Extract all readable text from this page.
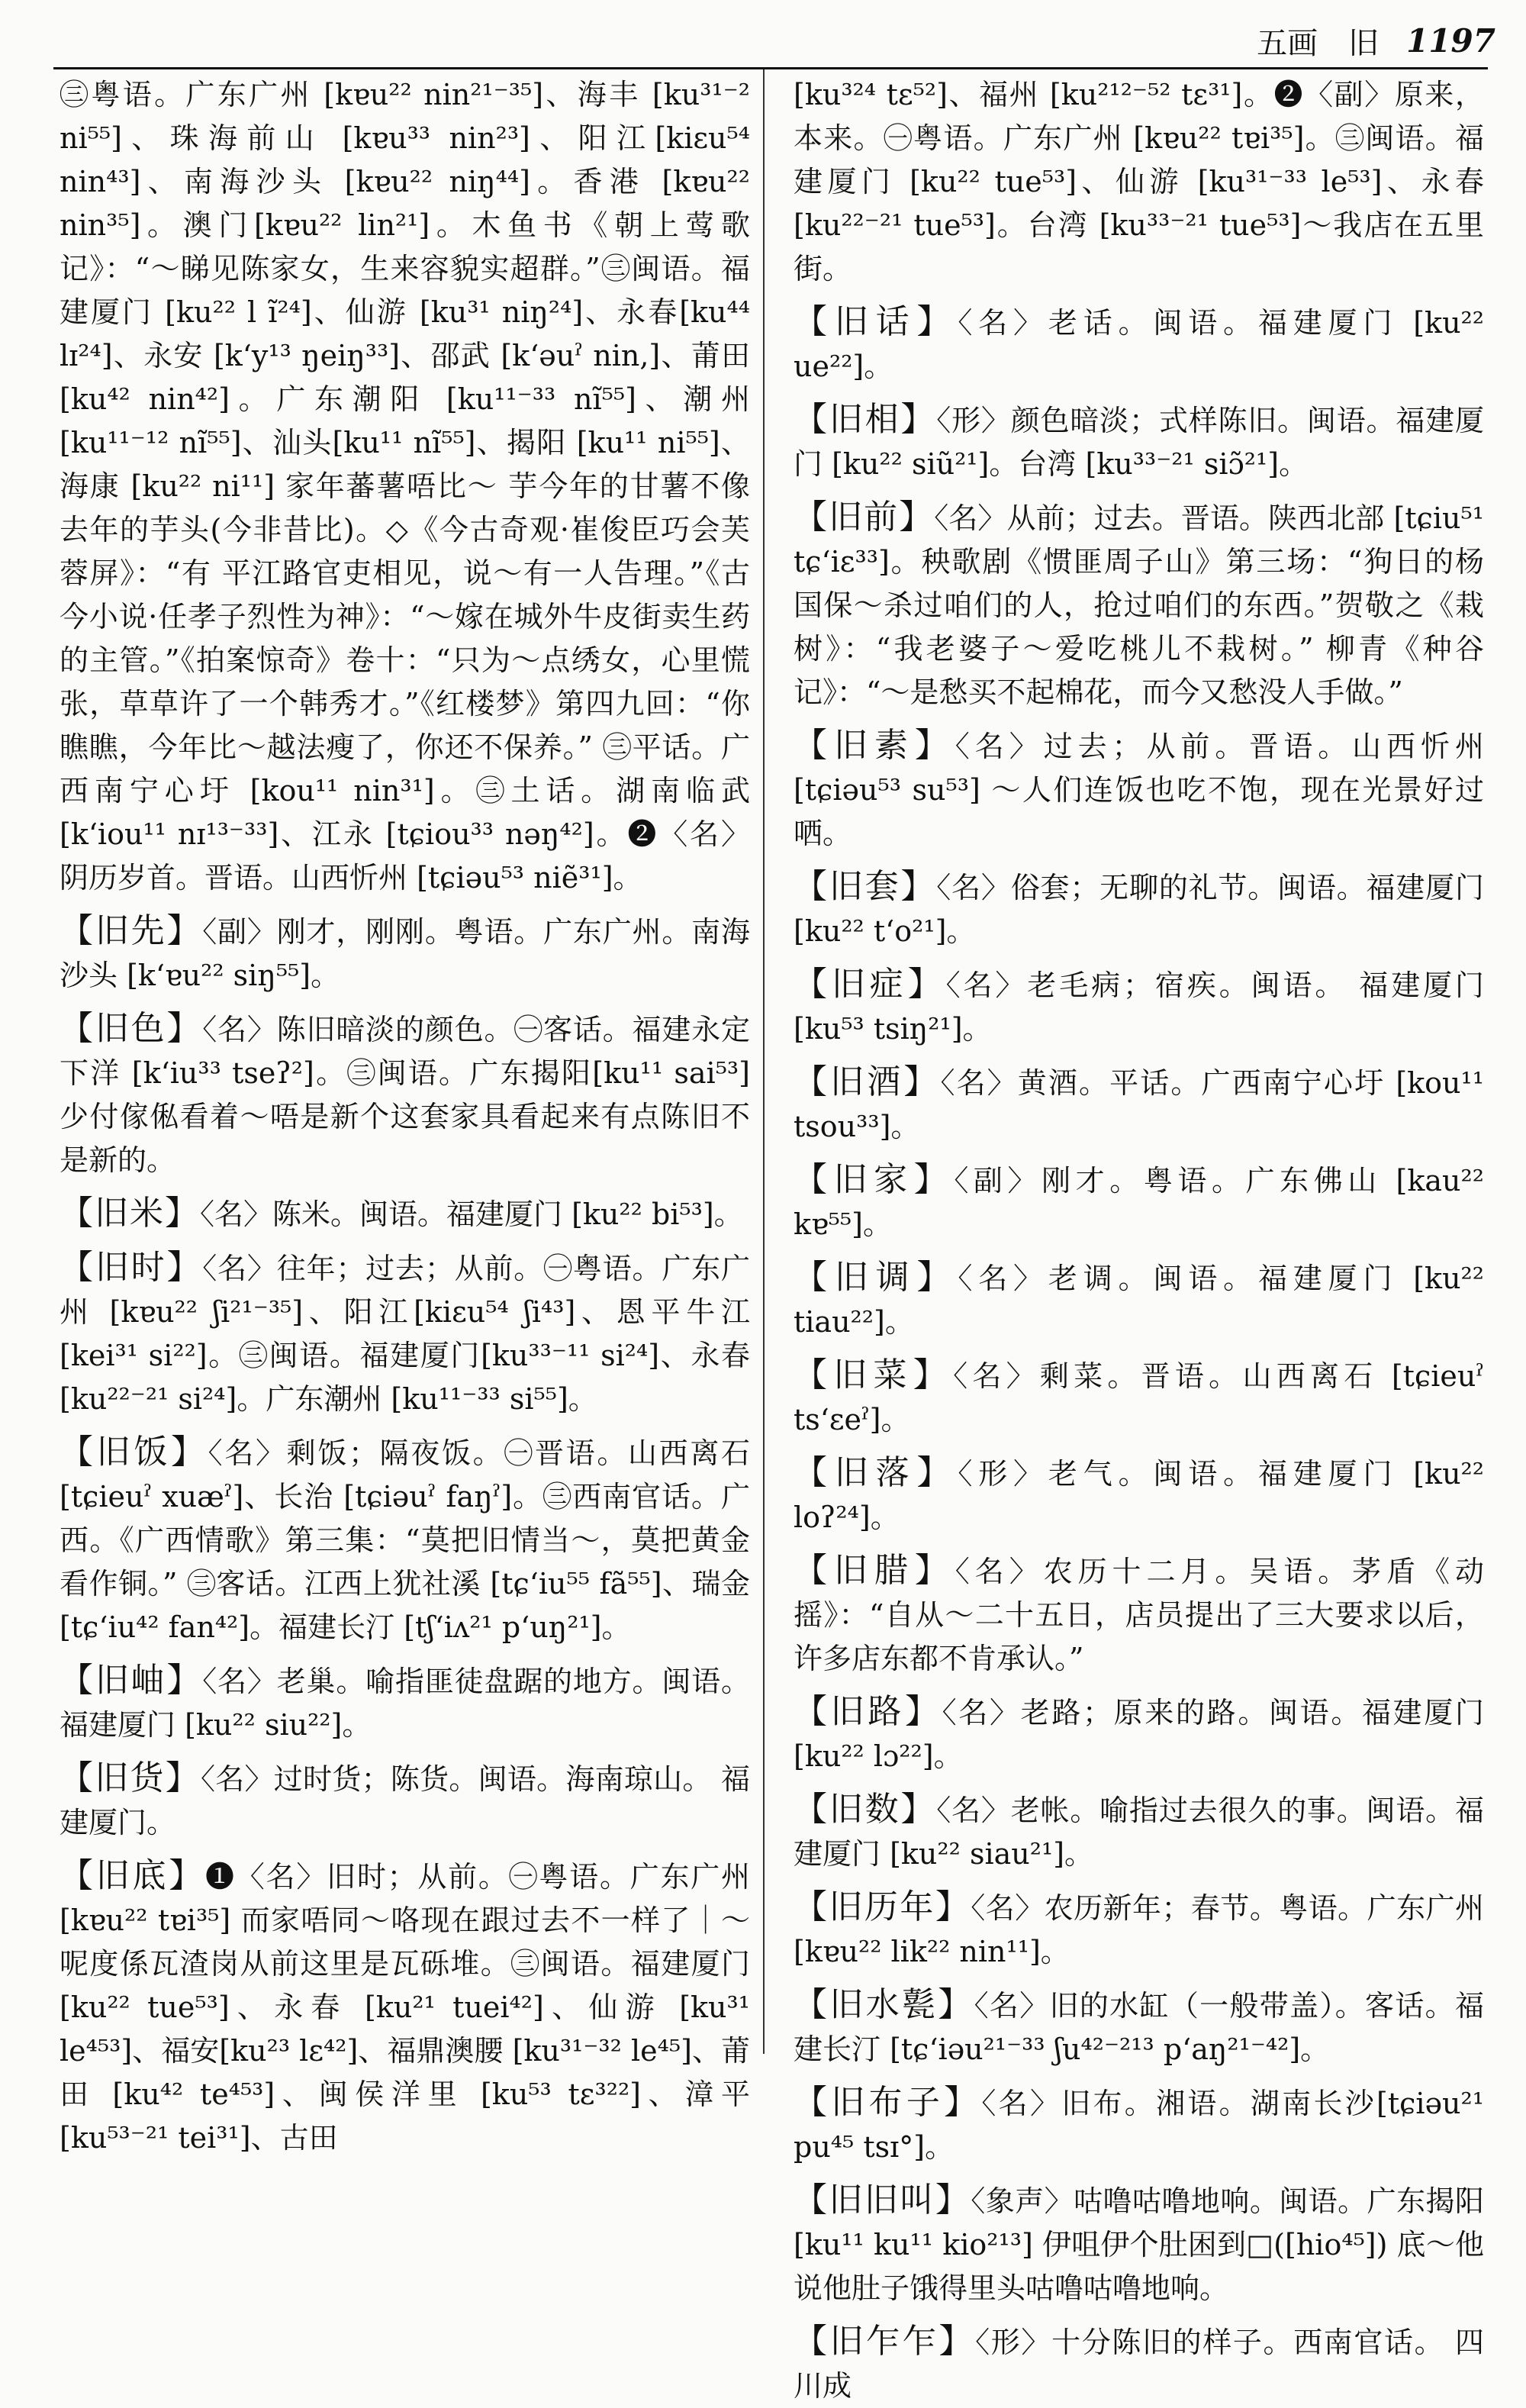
五画　旧 1197

㊂粤语。广东广州 [kɐu²² nin²¹⁻³⁵]、海丰 [ku³¹⁻² ni⁵⁵]、珠海前山 [kɐu³³ nin²³]、阳江[kiɛu⁵⁴ nin⁴³]、南海沙头 [kɐu²² niŋ⁴⁴]。香港 [kɐu²² nin³⁵]。澳门[kɐu²² lin²¹]。木鱼书《朝上莺歌记》：“～睇见陈家女，生来容貌实超群。”㊂闽语。福建厦门 [ku²² l ĩ²⁴]、仙游 [ku³¹ niŋ²⁴]、永春[ku⁴⁴ lɪ²⁴]、永安 [kʻy¹³ ŋeiŋ³³]、邵武 [kʻəuˀ nin,]、莆田 [ku⁴² nin⁴²]。广东潮阳 [ku¹¹⁻³³ nĩ⁵⁵]、潮州[ku¹¹⁻¹² nĩ⁵⁵]、汕头[ku¹¹ nĩ⁵⁵]、揭阳 [ku¹¹ ni⁵⁵]、海康 [ku²² ni¹¹] 家年蕃薯唔比～ 芋今年的甘薯不像去年的芋头(今非昔比)。◇《今古奇观·崔俊臣巧会芙蓉屏》：“有 平江路官吏相见，说～有一人告理。”《古今小说·任孝子烈性为神》：“～嫁在城外牛皮街卖生药的主管。”《拍案惊奇》卷十：“只为～点绣女，心里慌张，草草许了一个韩秀才。”《红楼梦》第四九回：“你瞧瞧，今年比～越法瘦了，你还不保养。” ㊂平话。广西南宁心圩 [kou¹¹ nin³¹]。㊂土话。湖南临武 [kʻiou¹¹ nɪ¹³⁻³³]、江永 [tɕiou³³ nəŋ⁴²]。❷〈名〉阴历岁首。晋语。山西忻州 [tɕiəu⁵³ niẽ³¹]。

【旧先】〈副〉刚才，刚刚。粤语。广东广州。南海沙头 [kʻɐu²² siŋ⁵⁵]。

【旧色】〈名〉陈旧暗淡的颜色。㊀客话。福建永定下洋 [kʻiu³³ tseʔ²]。㊂闽语。广东揭阳[ku¹¹ sai⁵³]少付傢俬看着～唔是新个这套家具看起来有点陈旧不是新的。

【旧米】〈名〉陈米。闽语。福建厦门 [ku²² bi⁵³]。

【旧时】〈名〉往年；过去；从前。㊀粤语。广东广州 [kɐu²² ʃi²¹⁻³⁵]、阳江[kiɛu⁵⁴ ʃi⁴³]、恩平牛江 [kei³¹ si²²]。㊂闽语。福建厦门[ku³³⁻¹¹ si²⁴]、永春 [ku²²⁻²¹ si²⁴]。广东潮州 [ku¹¹⁻³³ si⁵⁵]。

【旧饭】〈名〉剩饭；隔夜饭。㊀晋语。山西离石 [tɕieuˀ xuæˀ]、长治 [tɕiəuˀ faŋˀ]。㊂西南官话。广西。《广西情歌》第三集：“莫把旧情当～，莫把黄金看作铜。” ㊂客话。江西上犹社溪 [tɕʻiu⁵⁵ fã⁵⁵]、瑞金[tɕʻiu⁴² fan⁴²]。福建长汀 [tʃʻiʌ²¹ pʻuŋ²¹]。

【旧岫】〈名〉老巢。喻指匪徒盘踞的地方。闽语。福建厦门 [ku²² siu²²]。

【旧货】〈名〉过时货；陈货。闽语。海南琼山。 福建厦门。

【旧底】❶〈名〉旧时；从前。㊀粤语。广东广州[kɐu²² tɐi³⁵] 而家唔同～咯现在跟过去不一样了｜～呢度係瓦渣岗从前这里是瓦砾堆。㊂闽语。福建厦门[ku²² tue⁵³]、永春 [ku²¹ tuei⁴²]、仙游 [ku³¹ le⁴⁵³]、福安[ku²³ lɛ⁴²]、福鼎澳腰 [ku³¹⁻³² le⁴⁵]、莆田 [ku⁴² te⁴⁵³]、闽侯洋里 [ku⁵³ tɛ³²²]、漳平 [ku⁵³⁻²¹ tei³¹]、古田

[ku³²⁴ tɛ⁵²]、福州 [ku²¹²⁻⁵² tɛ³¹]。❷〈副〉原来，本来。㊀粤语。广东广州 [kɐu²² tɐi³⁵]。㊂闽语。福建厦门 [ku²² tue⁵³]、仙游 [ku³¹⁻³³ le⁵³]、永春 [ku²²⁻²¹ tue⁵³]。台湾 [ku³³⁻²¹ tue⁵³]～我店在五里街。

【旧话】〈名〉老话。闽语。福建厦门 [ku²² ue²²]。

【旧相】〈形〉颜色暗淡；式样陈旧。闽语。福建厦门 [ku²² siũ²¹]。台湾 [ku³³⁻²¹ siɔ̃²¹]。

【旧前】〈名〉从前；过去。晋语。陕西北部 [tɕiu⁵¹ tɕʻiɛ³³]。秧歌剧《惯匪周子山》第三场：“狗日的杨国保～杀过咱们的人，抢过咱们的东西。”贺敬之《栽树》：“我老婆子～爱吃桃儿不栽树。” 柳青《种谷记》：“～是愁买不起棉花，而今又愁没人手做。”

【旧素】〈名〉过去；从前。晋语。山西忻州 [tɕiəu⁵³ su⁵³] ～人们连饭也吃不饱，现在光景好过哂。

【旧套】〈名〉俗套；无聊的礼节。闽语。福建厦门[ku²² tʻo²¹]。

【旧症】〈名〉老毛病；宿疾。闽语。 福建厦门 [ku⁵³ tsiŋ²¹]。

【旧酒】〈名〉黄酒。平话。广西南宁心圩 [kou¹¹ tsou³³]。

【旧家】〈副〉刚才。粤语。广东佛山 [kau²² kɐ⁵⁵]。

【旧调】〈名〉老调。闽语。福建厦门 [ku²² tiau²²]。

【旧菜】〈名〉剩菜。晋语。山西离石 [tɕieuˀ tsʻɛeˀ]。

【旧落】〈形〉老气。闽语。福建厦门 [ku²² loʔ²⁴]。

【旧腊】〈名〉农历十二月。吴语。茅盾《动摇》：“自从～二十五日，店员提出了三大要求以后，许多店东都不肯承认。”

【旧路】〈名〉老路；原来的路。闽语。福建厦门 [ku²² lɔ²²]。

【旧数】〈名〉老帐。喻指过去很久的事。闽语。福建厦门 [ku²² siau²¹]。

【旧历年】〈名〉农历新年；春节。粤语。广东广州 [kɐu²² lik²² nin¹¹]。

【旧水甏】〈名〉旧的水缸（一般带盖）。客话。福建长汀 [tɕʻiəu²¹⁻³³ ʃu⁴²⁻²¹³ pʻaŋ²¹⁻⁴²]。

【旧布子】〈名〉旧布。湘语。湖南长沙[tɕiəu²¹ pu⁴⁵ tsɪ°]。

【旧旧叫】〈象声〉咕噜咕噜地响。闽语。广东揭阳[ku¹¹ ku¹¹ kio²¹³] 伊咀伊个肚困到□([hio⁴⁵]) 底～他说他肚子饿得里头咕噜咕噜地响。

【旧乍乍】〈形〉十分陈旧的样子。西南官话。 四川成
